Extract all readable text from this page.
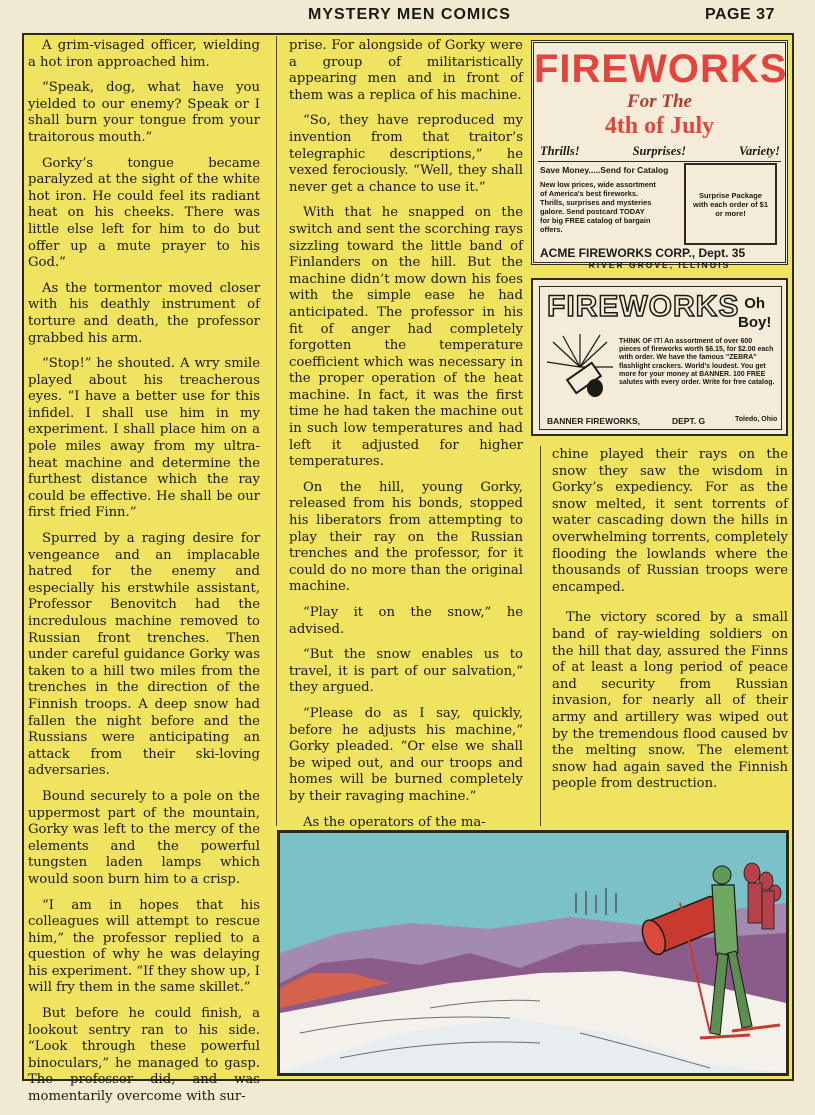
MYSTERY MEN COMICS	PAGE 37

A grim-visaged officer, wielding a hot iron approached him.

“Speak, dog, what have you yielded to our enemy? Speak or I shall burn your tongue from your traitorous mouth.”

Gorky’s tongue became paralyzed at the sight of the white hot iron. He could feel its radiant heat on his cheeks. There was little else left for him to do but offer up a mute prayer to his God.”

As the tormentor moved closer with his deathly instrument of torture and death, the professor grabbed his arm.

“Stop!” he shouted. A wry smile played about his treacherous eyes. “I have a better use for this infidel. I shall use him in my experiment. I shall place him on a pole miles away from my ultra-heat machine and determine the furthest distance which the ray could be effective. He shall be our first fried Finn.”

Spurred by a raging desire for vengeance and an implacable hatred for the enemy and especially his erstwhile assistant, Professor Benovitch had the incredulous machine removed to Russian front trenches. Then under careful guidance Gorky was taken to a hill two miles from the trenches in the direction of the Finnish troops. A deep snow had fallen the night before and the Russians were anticipating an attack from their ski-loving adversaries.

Bound securely to a pole on the uppermost part of the mountain, Gorky was left to the mercy of the elements and the powerful tungsten laden lamps which would soon burn him to a crisp.

“I am in hopes that his colleagues will attempt to rescue him,” the professor replied to a question of why he was delaying his experiment. “If they show up, I will fry them in the same skillet.”

But before he could finish, a lookout sentry ran to his side. “Look through these powerful binoculars,” he managed to gasp. The professor did, and was momentarily overcome with sur-

prise. For alongside of Gorky were a group of militaristically appearing men and in front of them was a replica of his machine.

“So, they have reproduced my invention from that traitor’s telegraphic descriptions,” he vexed ferociously. “Well, they shall never get a chance to use it.”

With that he snapped on the switch and sent the scorching rays sizzling toward the little band of Finlanders on the hill. But the machine didn’t mow down his foes with the simple ease he had anticipated. The professor in his fit of anger had completely forgotten the temperature coefficient which was necessary in the proper operation of the heat machine. In fact, it was the first time he had taken the machine out in such low temperatures and had left it adjusted for higher temperatures.

On the hill, young Gorky, released from his bonds, stopped his liberators from attempting to play their ray on the Russian trenches and the professor, for it could do no more than the original machine.

“Play it on the snow,” he advised.

“But the snow enables us to travel, it is part of our salvation,” they argued.

“Please do as I say, quickly, before he adjusts his machine,” Gorky pleaded. “Or else we shall be wiped out, and our troops and homes will be burned completely by their ravaging machine.”

As the operators of the ma-

chine played their rays on the snow they saw the wisdom in Gorky’s expediency. For as the snow melted, it sent torrents of water cascading down the hills in overwhelming torrents, completely flooding the lowlands where the thousands of Russian troops were encamped.

The victory scored by a small band of ray-wielding soldiers on the hill that day, assured the Finns of at least a long period of peace and security from Russian invasion, for nearly all of their army and artillery was wiped out by the tremendous flood caused bv the melting snow. The element snow had again saved the Finnish people from destruction.

FIREWORKS
For The
4th of July
Thrills!	Surprises!	Variety!
Save Money.....Send for Catalog
New low prices, wide assortment of America's best fireworks. Thrills, surprises and mysteries galore. Send postcard TODAY for big FREE catalog of bargain offers.
Surprise Package with each order of $1 or more!
ACME FIREWORKS CORP., Dept. 35
RIVER GROVE, ILLINOIS
FIREWORKS Oh
Boy!
THINK OF IT! An assortment of over 600 pieces of fireworks worth $6.15, for $2.00 each with order. We have the famous "ZEBRA" flashlight crackers. World's loudest. You get more for your money at BANNER. 100 FREE salutes with every order. Write for free catalog.
BANNER FIREWORKS,	DEPT. G	Toledo, Ohio
